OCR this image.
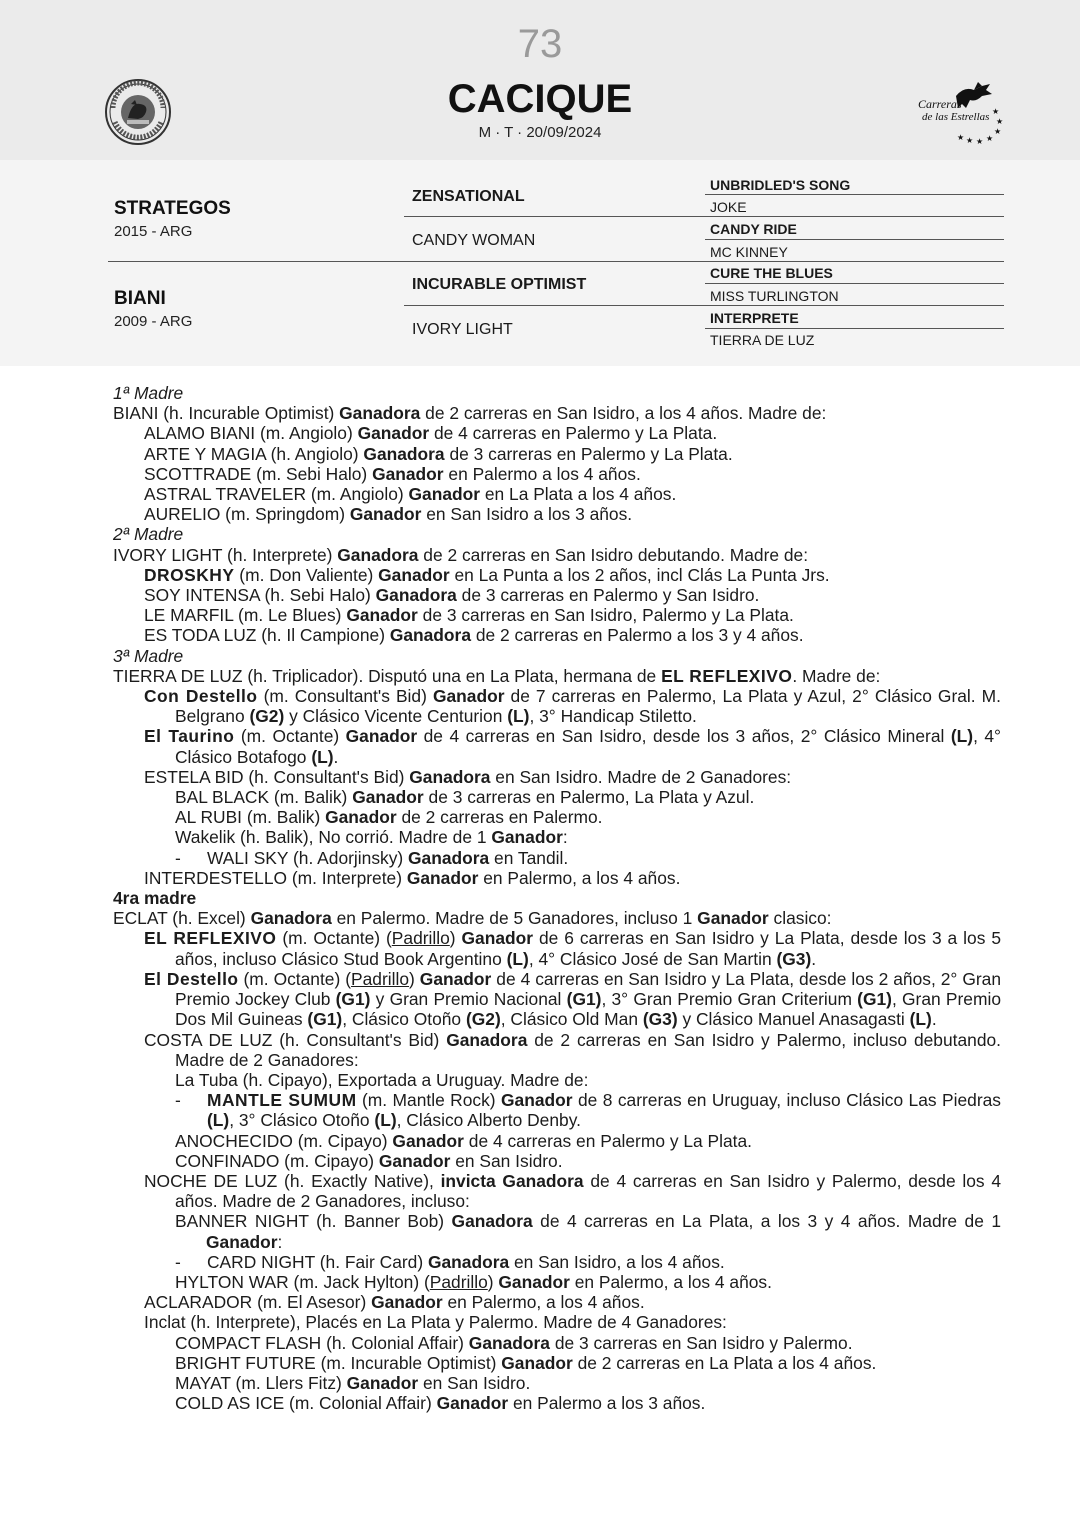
73
CACIQUE
M · T · 20/09/2024
Carreras
de las Estrellas ★
★
★
★
★
★
★
STRATEGOS
2015 - ARG
BIANI
2009 - ARG
ZENSATIONAL
CANDY WOMAN
INCURABLE OPTIMIST
IVORY LIGHT
UNBRIDLED'S SONG
JOKE
CANDY RIDE
MC KINNEY
CURE THE BLUES
MISS TURLINGTON
INTERPRETE
TIERRA DE LUZ

1ª Madre

BIANI (h. Incurable Optimist) Ganadora de 2 carreras en San Isidro, a los 4 años. Madre de:

ALAMO BIANI (m. Angiolo) Ganador de 4 carreras en Palermo y La Plata.

ARTE Y MAGIA (h. Angiolo) Ganadora de 3 carreras en Palermo y La Plata.

SCOTTRADE (m. Sebi Halo) Ganador en Palermo a los 4 años.

ASTRAL TRAVELER (m. Angiolo) Ganador en La Plata a los 4 años.

AURELIO (m. Springdom) Ganador en San Isidro a los 3 años.

2ª Madre

IVORY LIGHT (h. Interprete) Ganadora de 2 carreras en San Isidro debutando. Madre de:

DROSKHY (m. Don Valiente) Ganador en La Punta a los 2 años, incl Clás La Punta Jrs.

SOY INTENSA (h. Sebi Halo) Ganadora de 3 carreras en Palermo y San Isidro.

LE MARFIL (m. Le Blues) Ganador de 3 carreras en San Isidro, Palermo y La Plata.

ES TODA LUZ (h. Il Campione) Ganadora de 2 carreras en Palermo a los 3 y 4 años.

3ª Madre

TIERRA DE LUZ (h. Triplicador). Disputó una en La Plata, hermana de EL REFLEXIVO. Madre de:

Con Destello (m. Consultant's Bid) Ganador de 7 carreras en Palermo, La Plata y Azul, 2° Clásico Gral. M. Belgrano (G2) y Clásico Vicente Centurion (L), 3° Handicap Stiletto.

El Taurino (m. Octante) Ganador de 4 carreras en San Isidro, desde los 3 años, 2° Clásico Mineral (L), 4° Clásico Botafogo (L).

ESTELA BID (h. Consultant's Bid) Ganadora en San Isidro. Madre de 2 Ganadores:

BAL BLACK (m. Balik) Ganador de 3 carreras en Palermo, La Plata y Azul.

AL RUBI (m. Balik) Ganador de 2 carreras en Palermo.

Wakelik (h. Balik), No corrió. Madre de 1 Ganador:

- WALI SKY (h. Adorjinsky) Ganadora en Tandil.

INTERDESTELLO (m. Interprete) Ganador en Palermo, a los 4 años.

4ra madre

ECLAT (h. Excel) Ganadora en Palermo. Madre de 5 Ganadores, incluso 1 Ganador clasico:

EL REFLEXIVO (m. Octante) (Padrillo) Ganador de 6 carreras en San Isidro y La Plata, desde los 3 a los 5 años, incluso Clásico Stud Book Argentino (L), 4° Clásico José de San Martin (G3).

El Destello (m. Octante) (Padrillo) Ganador de 4 carreras en San Isidro y La Plata, desde los 2 años, 2° Gran Premio Jockey Club (G1) y Gran Premio Nacional (G1), 3° Gran Premio Gran Criterium (G1), Gran Premio Dos Mil Guineas (G1), Clásico Otoño (G2), Clásico Old Man (G3) y Clásico Manuel Anasagasti (L).

COSTA DE LUZ (h. Consultant's Bid) Ganadora de 2 carreras en San Isidro y Palermo, incluso debutando. Madre de 2 Ganadores:

La Tuba (h. Cipayo), Exportada a Uruguay. Madre de:

- MANTLE SUMUM (m. Mantle Rock) Ganador de 8 carreras en Uruguay, incluso Clásico Las Piedras (L), 3° Clásico Otoño (L), Clásico Alberto Denby.

ANOCHECIDO (m. Cipayo) Ganador de 4 carreras en Palermo y La Plata.

CONFINADO (m. Cipayo) Ganador en San Isidro.

NOCHE DE LUZ (h. Exactly Native), invicta Ganadora de 4 carreras en San Isidro y Palermo, desde los 4 años. Madre de 2 Ganadores, incluso:

BANNER NIGHT (h. Banner Bob) Ganadora de 4 carreras en La Plata, a los 3 y 4 años. Madre de 1 Ganador:

- CARD NIGHT (h. Fair Card) Ganadora en San Isidro, a los 4 años.

HYLTON WAR (m. Jack Hylton) (Padrillo) Ganador en Palermo, a los 4 años.

ACLARADOR (m. El Asesor) Ganador en Palermo, a los 4 años.

Inclat (h. Interprete), Placés en La Plata y Palermo. Madre de 4 Ganadores:

COMPACT FLASH (h. Colonial Affair) Ganadora de 3 carreras en San Isidro y Palermo.

BRIGHT FUTURE (m. Incurable Optimist) Ganador de 2 carreras en La Plata a los 4 años.

MAYAT (m. Llers Fitz) Ganador en San Isidro.

COLD AS ICE (m. Colonial Affair) Ganador en Palermo a los 3 años.
